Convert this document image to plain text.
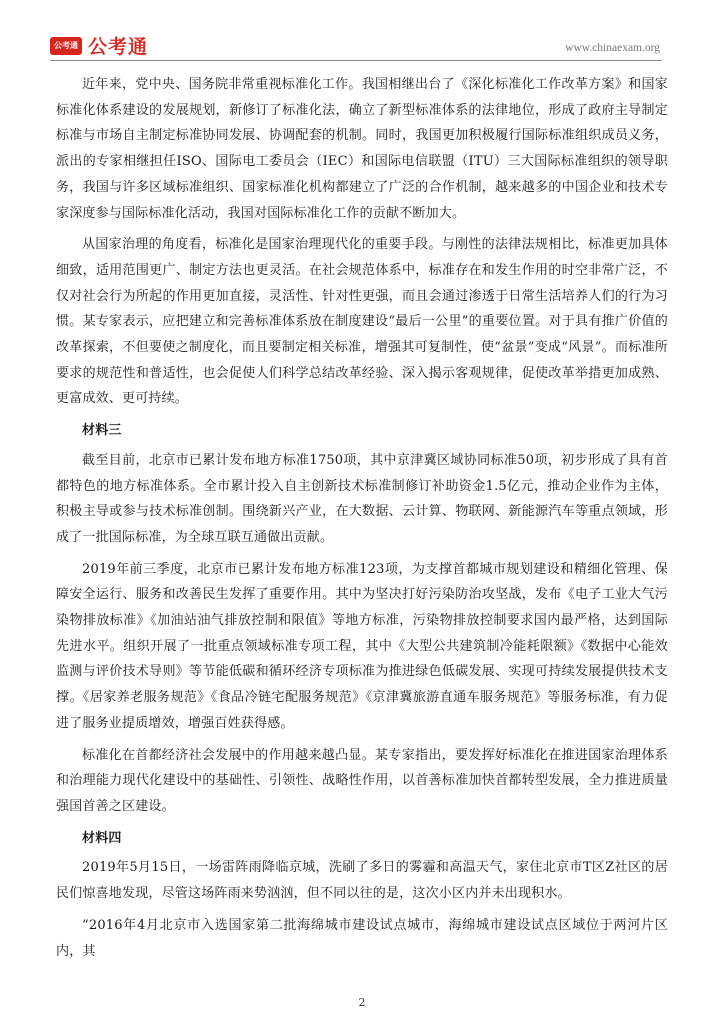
公考通 公考通	www.chinaexam.org

近年来，党中央、国务院非常重视标准化工作。我国相继出台了《深化标准化工作改革方案》和国家标准化体系建设的发展规划，新修订了标准化法，确立了新型标准体系的法律地位，形成了政府主导制定标准与市场自主制定标准协同发展、协调配套的机制。同时，我国更加积极履行国际标准组织成员义务，派出的专家相继担任ISO、国际电工委员会（IEC）和国际电信联盟（ITU）三大国际标准组织的领导职务，我国与许多区域标准组织、国家标准化机构都建立了广泛的合作机制，越来越多的中国企业和技术专家深度参与国际标准化活动，我国对国际标准化工作的贡献不断加大。

从国家治理的角度看，标准化是国家治理现代化的重要手段。与刚性的法律法规相比，标准更加具体细致，适用范围更广、制定方法也更灵活。在社会规范体系中，标准存在和发生作用的时空非常广泛，不仅对社会行为所起的作用更加直接，灵活性、针对性更强，而且会通过渗透于日常生活培养人们的行为习惯。某专家表示，应把建立和完善标准体系放在制度建设“最后一公里”的重要位置。对于具有推广价值的改革探索，不但要使之制度化，而且要制定相关标准，增强其可复制性，使“盆景”变成“风景”。而标准所要求的规范性和普适性，也会促使人们科学总结改革经验、深入揭示客观规律，促使改革举措更加成熟、更富成效、更可持续。

材料三

截至目前，北京市已累计发布地方标准1750项，其中京津冀区域协同标准50项，初步形成了具有首都特色的地方标准体系。全市累计投入自主创新技术标准制修订补助资金1.5亿元，推动企业作为主体，积极主导或参与技术标准创制。围绕新兴产业，在大数据、云计算、物联网、新能源汽车等重点领域，形成了一批国际标准，为全球互联互通做出贡献。

2019年前三季度，北京市已累计发布地方标准123项，为支撑首都城市规划建设和精细化管理、保障安全运行、服务和改善民生发挥了重要作用。其中为坚决打好污染防治攻坚战，发布《电子工业大气污染物排放标准》《加油站油气排放控制和限值》等地方标准，污染物排放控制要求国内最严格，达到国际先进水平。组织开展了一批重点领域标准专项工程，其中《大型公共建筑制冷能耗限额》《数据中心能效监测与评价技术导则》等节能低碳和循环经济专项标准为推进绿色低碳发展、实现可持续发展提供技术支撑。《居家养老服务规范》《食品冷链宅配服务规范》《京津冀旅游直通车服务规范》等服务标准，有力促进了服务业提质增效，增强百姓获得感。

标准化在首都经济社会发展中的作用越来越凸显。某专家指出，要发挥好标准化在推进国家治理体系和治理能力现代化建设中的基础性、引领性、战略性作用，以首善标准加快首都转型发展，全力推进质量强国首善之区建设。

材料四

2019年5月15日，一场雷阵雨降临京城，洗刷了多日的雾霾和高温天气，家住北京市T区Z社区的居民们惊喜地发现，尽管这场阵雨来势汹汹，但不同以往的是，这次小区内并未出现积水。

“2016年4月北京市入选国家第二批海绵城市建设试点城市，海绵城市建设试点区域位于两河片区内，其

2
